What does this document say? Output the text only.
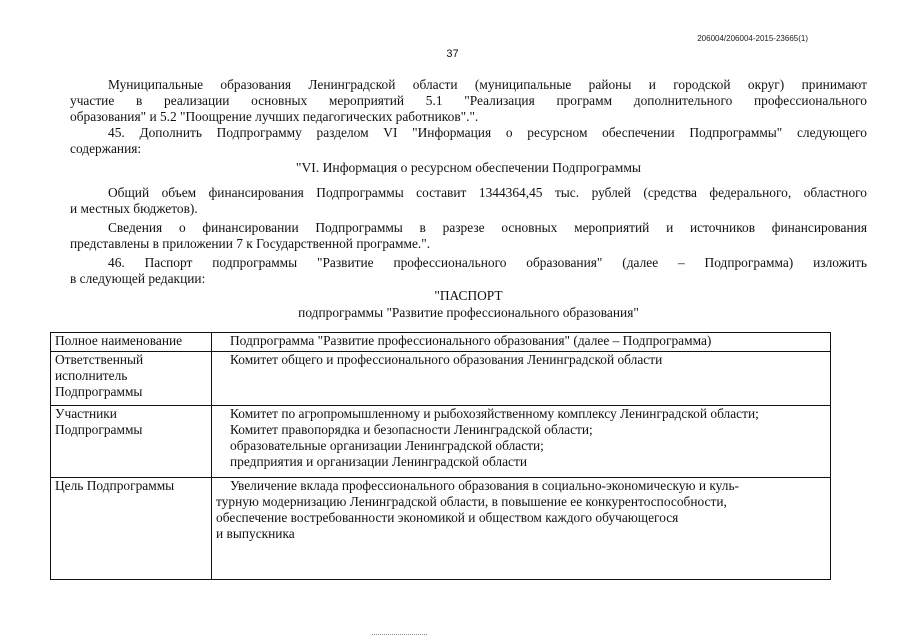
206004/206004-2015-23665(1)
37
Муниципальные образования Ленинградской области (муниципальные районы и городской округ) принимают
участие в реализации основных мероприятий 5.1 "Реализация программ дополнительного профессионального
образования" и 5.2 "Поощрение лучших педагогических работников".".
45. Дополнить Подпрограмму разделом VI "Информация о ресурсном обеспечении Подпрограммы" следующего
содержания:
"VI. Информация о ресурсном обеспечении Подпрограммы
Общий объем финансирования Подпрограммы составит 1344364,45 тыс. рублей (средства федерального, областного
и местных бюджетов).
Сведения о финансировании Подпрограммы в разрезе основных мероприятий и источников финансирования
представлены в приложении 7 к Государственной программе.".
46. Паспорт подпрограммы "Развитие профессионального образования" (далее – Подпрограмма) изложить
в следующей редакции:
"ПАСПОРТ
подпрограммы "Развитие профессионального образования"
Полное наименование	Подпрограмма "Развитие профессионального образования" (далее – Подпрограмма)
Ответственный исполнитель Подпрограммы	Комитет общего и профессионального образования Ленинградской области
Участники Подпрограммы	Комитет по агропромышленному и рыбохозяйственному комплексу Ленинградской области;
Комитет правопорядка и безопасности Ленинградской области;
образовательные организации Ленинградской области;
предприятия и организации Ленинградской области

Цель Подпрограммы	Увеличение вклада профессионального образования в социально-экономическую и куль-
турную модернизацию Ленинградской области, в повышение ее конкурентоспособности,
обеспечение востребованности экономикой и обществом каждого обучающегося
и выпускника
